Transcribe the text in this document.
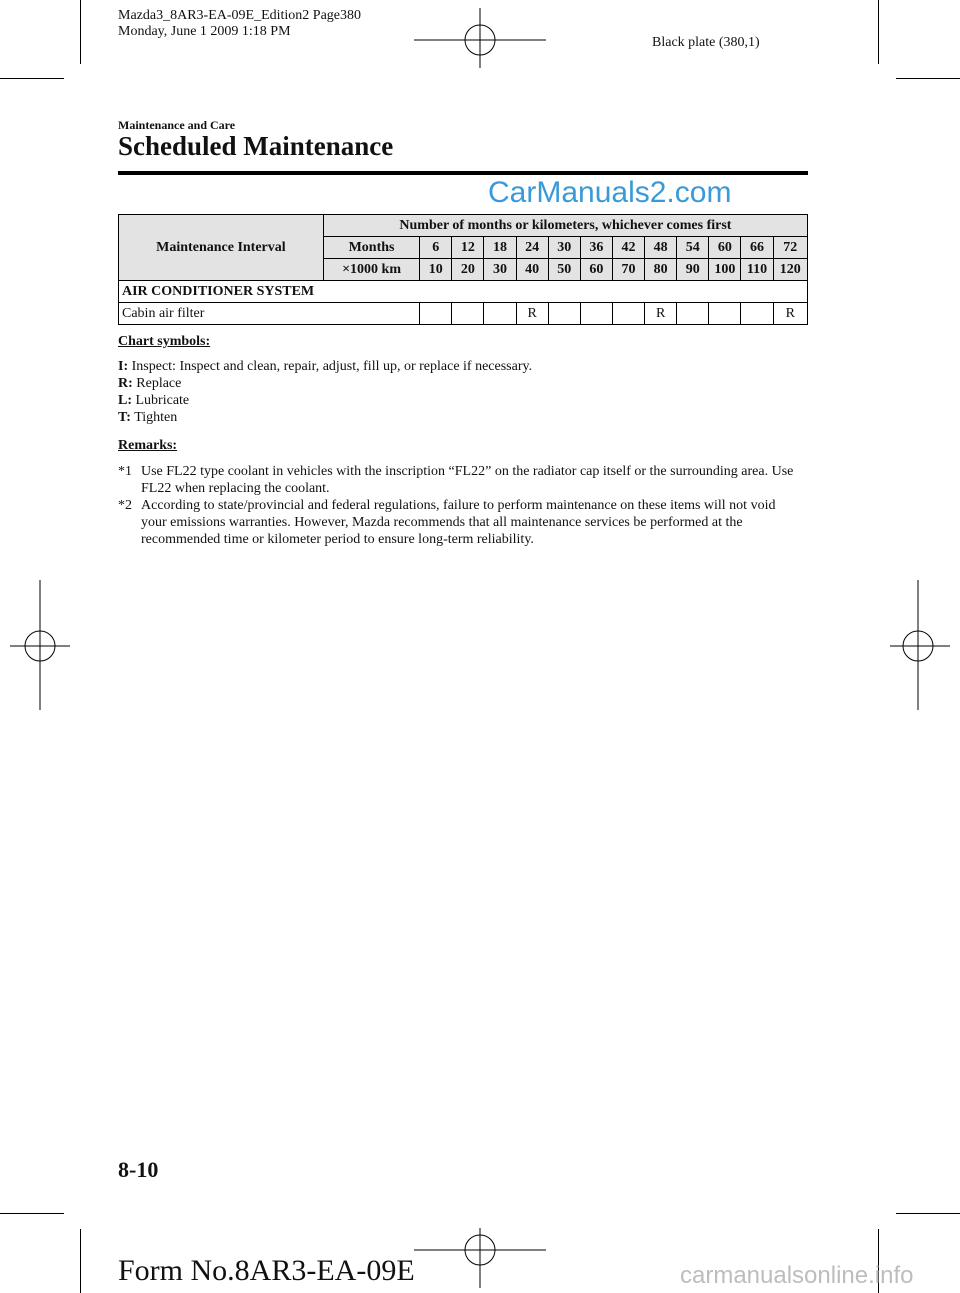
Mazda3_8AR3-EA-09E_Edition2 Page380
Monday, June 1 2009 1:18 PM
Black plate (380,1)
Maintenance and Care
Scheduled Maintenance
CarManuals2.com
Maintenance Interval	Number of months or kilometers, whichever comes first												
	Months	6	12	18	24	30	36	42	48	54	60	66	72
	×1000 km	10	20	30	40	50	60	70	80	90	100	110	120
AIR CONDITIONER SYSTEM													
Cabin air filter					R				R				R
Chart symbols:
I: Inspect: Inspect and clean, repair, adjust, fill up, or replace if necessary.
R: Replace
L: Lubricate
T: Tighten
Remarks:
*1 Use FL22 type coolant in vehicles with the inscription “FL22” on the radiator cap itself or the surrounding area. Use FL22 when replacing the coolant.
*2 According to state/provincial and federal regulations, failure to perform maintenance on these items will not void your emissions warranties. However, Mazda recommends that all maintenance services be performed at the recommended time or kilometer period to ensure long-term reliability.
8-10
Form No.8AR3-EA-09E	carmanualsonline.info
